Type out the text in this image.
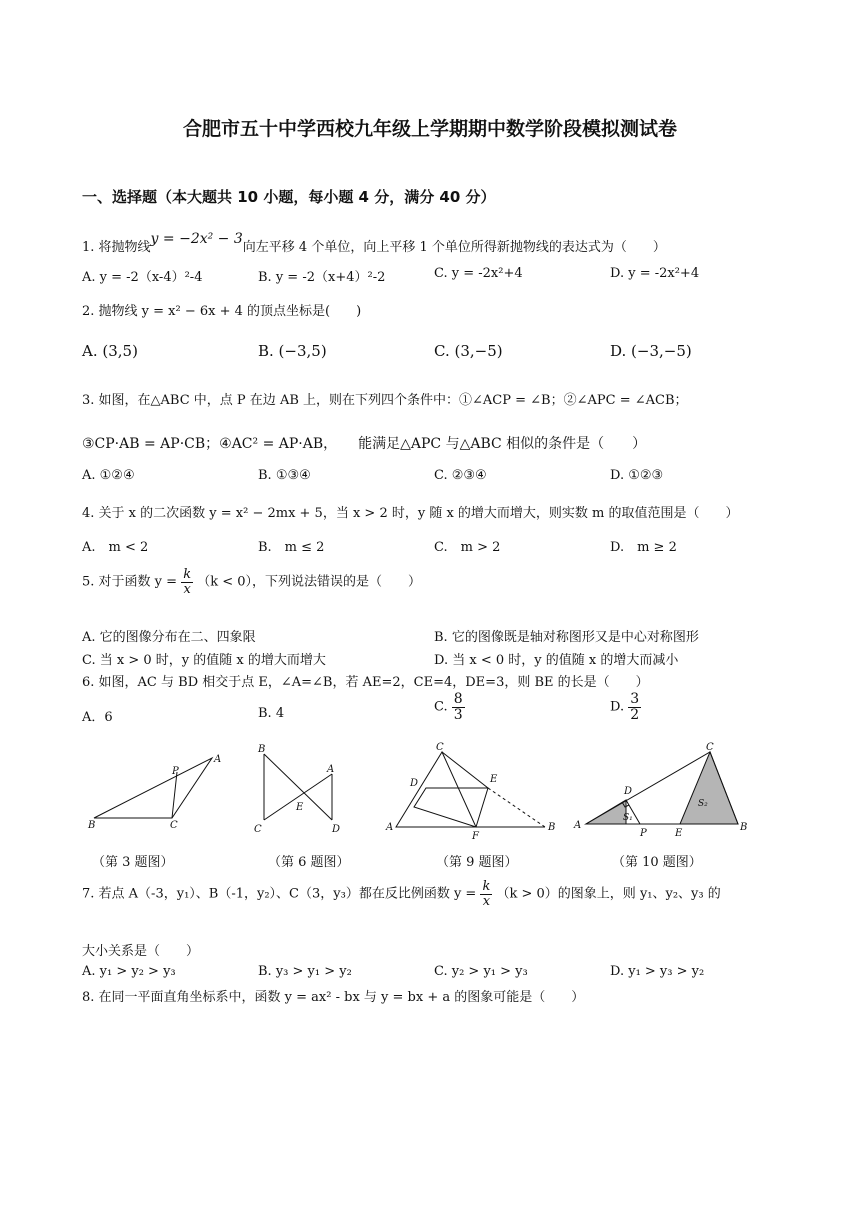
合肥市五十中学西校九年级上学期期中数学阶段模拟测试卷
一、选择题（本大题共 10 小题，每小题 4 分，满分 40 分）
1. 将抛物线y = −2x² − 3向左平移 4 个单位，向上平移 1 个单位所得新抛物线的表达式为（　　）
A. y = -2（x-4）²-4	B. y = -2（x+4）²-2	C. y = -2x²+4	D. y = -2x²+4
2. 抛物线 y = x² − 6x + 4 的顶点坐标是(　　)
A. (3,5)	B. (−3,5)	C. (3,−5)	D. (−3,−5)
3. 如图，在△ABC 中，点 P 在边 AB 上，则在下列四个条件中：①∠ACP = ∠B；②∠APC = ∠ACB；
③CP·AB = AP·CB；④AC² = AP·AB，　　能满足△APC 与△ABC 相似的条件是（　　）
A. ①②④	B. ①③④	C. ②③④	D. ①②③
4. 关于 x 的二次函数 y = x² − 2mx + 5，当 x > 2 时，y 随 x 的增大而增大，则实数 m 的取值范围是（　　）
A.　m < 2	B.　m ≤ 2	C.　m > 2	D.　m ≥ 2
5. 对于函数 $y = \frac{k}{x} (k < 0)$，下列说法错误的是（　　）
A. 它的图像分布在二、四象限	B. 它的图像既是轴对称图形又是中心对称图形
C. 当 x > 0 时，y 的值随 x 的增大而增大	D. 当 x < 0 时，y 的值随 x 的增大而减小
6. 如图，AC 与 BD 相交于点 E，∠A=∠B，若 AE=2，CE=4，DE=3，则 BE 的长是（　　）
A．6	B. 4	C. $\frac{8}{3}$	D. $\frac{3}{2}$
A
B	C
P
B
A
E
C	D
C
D	E
A
F
B
C
D
S₁
S₂
A
P	E
B
（第 3 题图）	（第 6 题图）	（第 9 题图）	（第 10 题图）
7. 若点 A（-3，y₁）、B（-1，y₂）、C（3，y₃）都在反比例函数 $y = \frac{k}{x} (k > 0)$的图象上，则 y₁、y₂、y₃ 的
大小关系是（　　）
A. y₁ > y₂ > y₃	B. y₃ > y₁ > y₂	C. y₂ > y₁ > y₃	D. y₁ > y₃ > y₂
8. 在同一平面直角坐标系中，函数 y = ax² - bx 与 y = bx + a 的图象可能是（　　）
